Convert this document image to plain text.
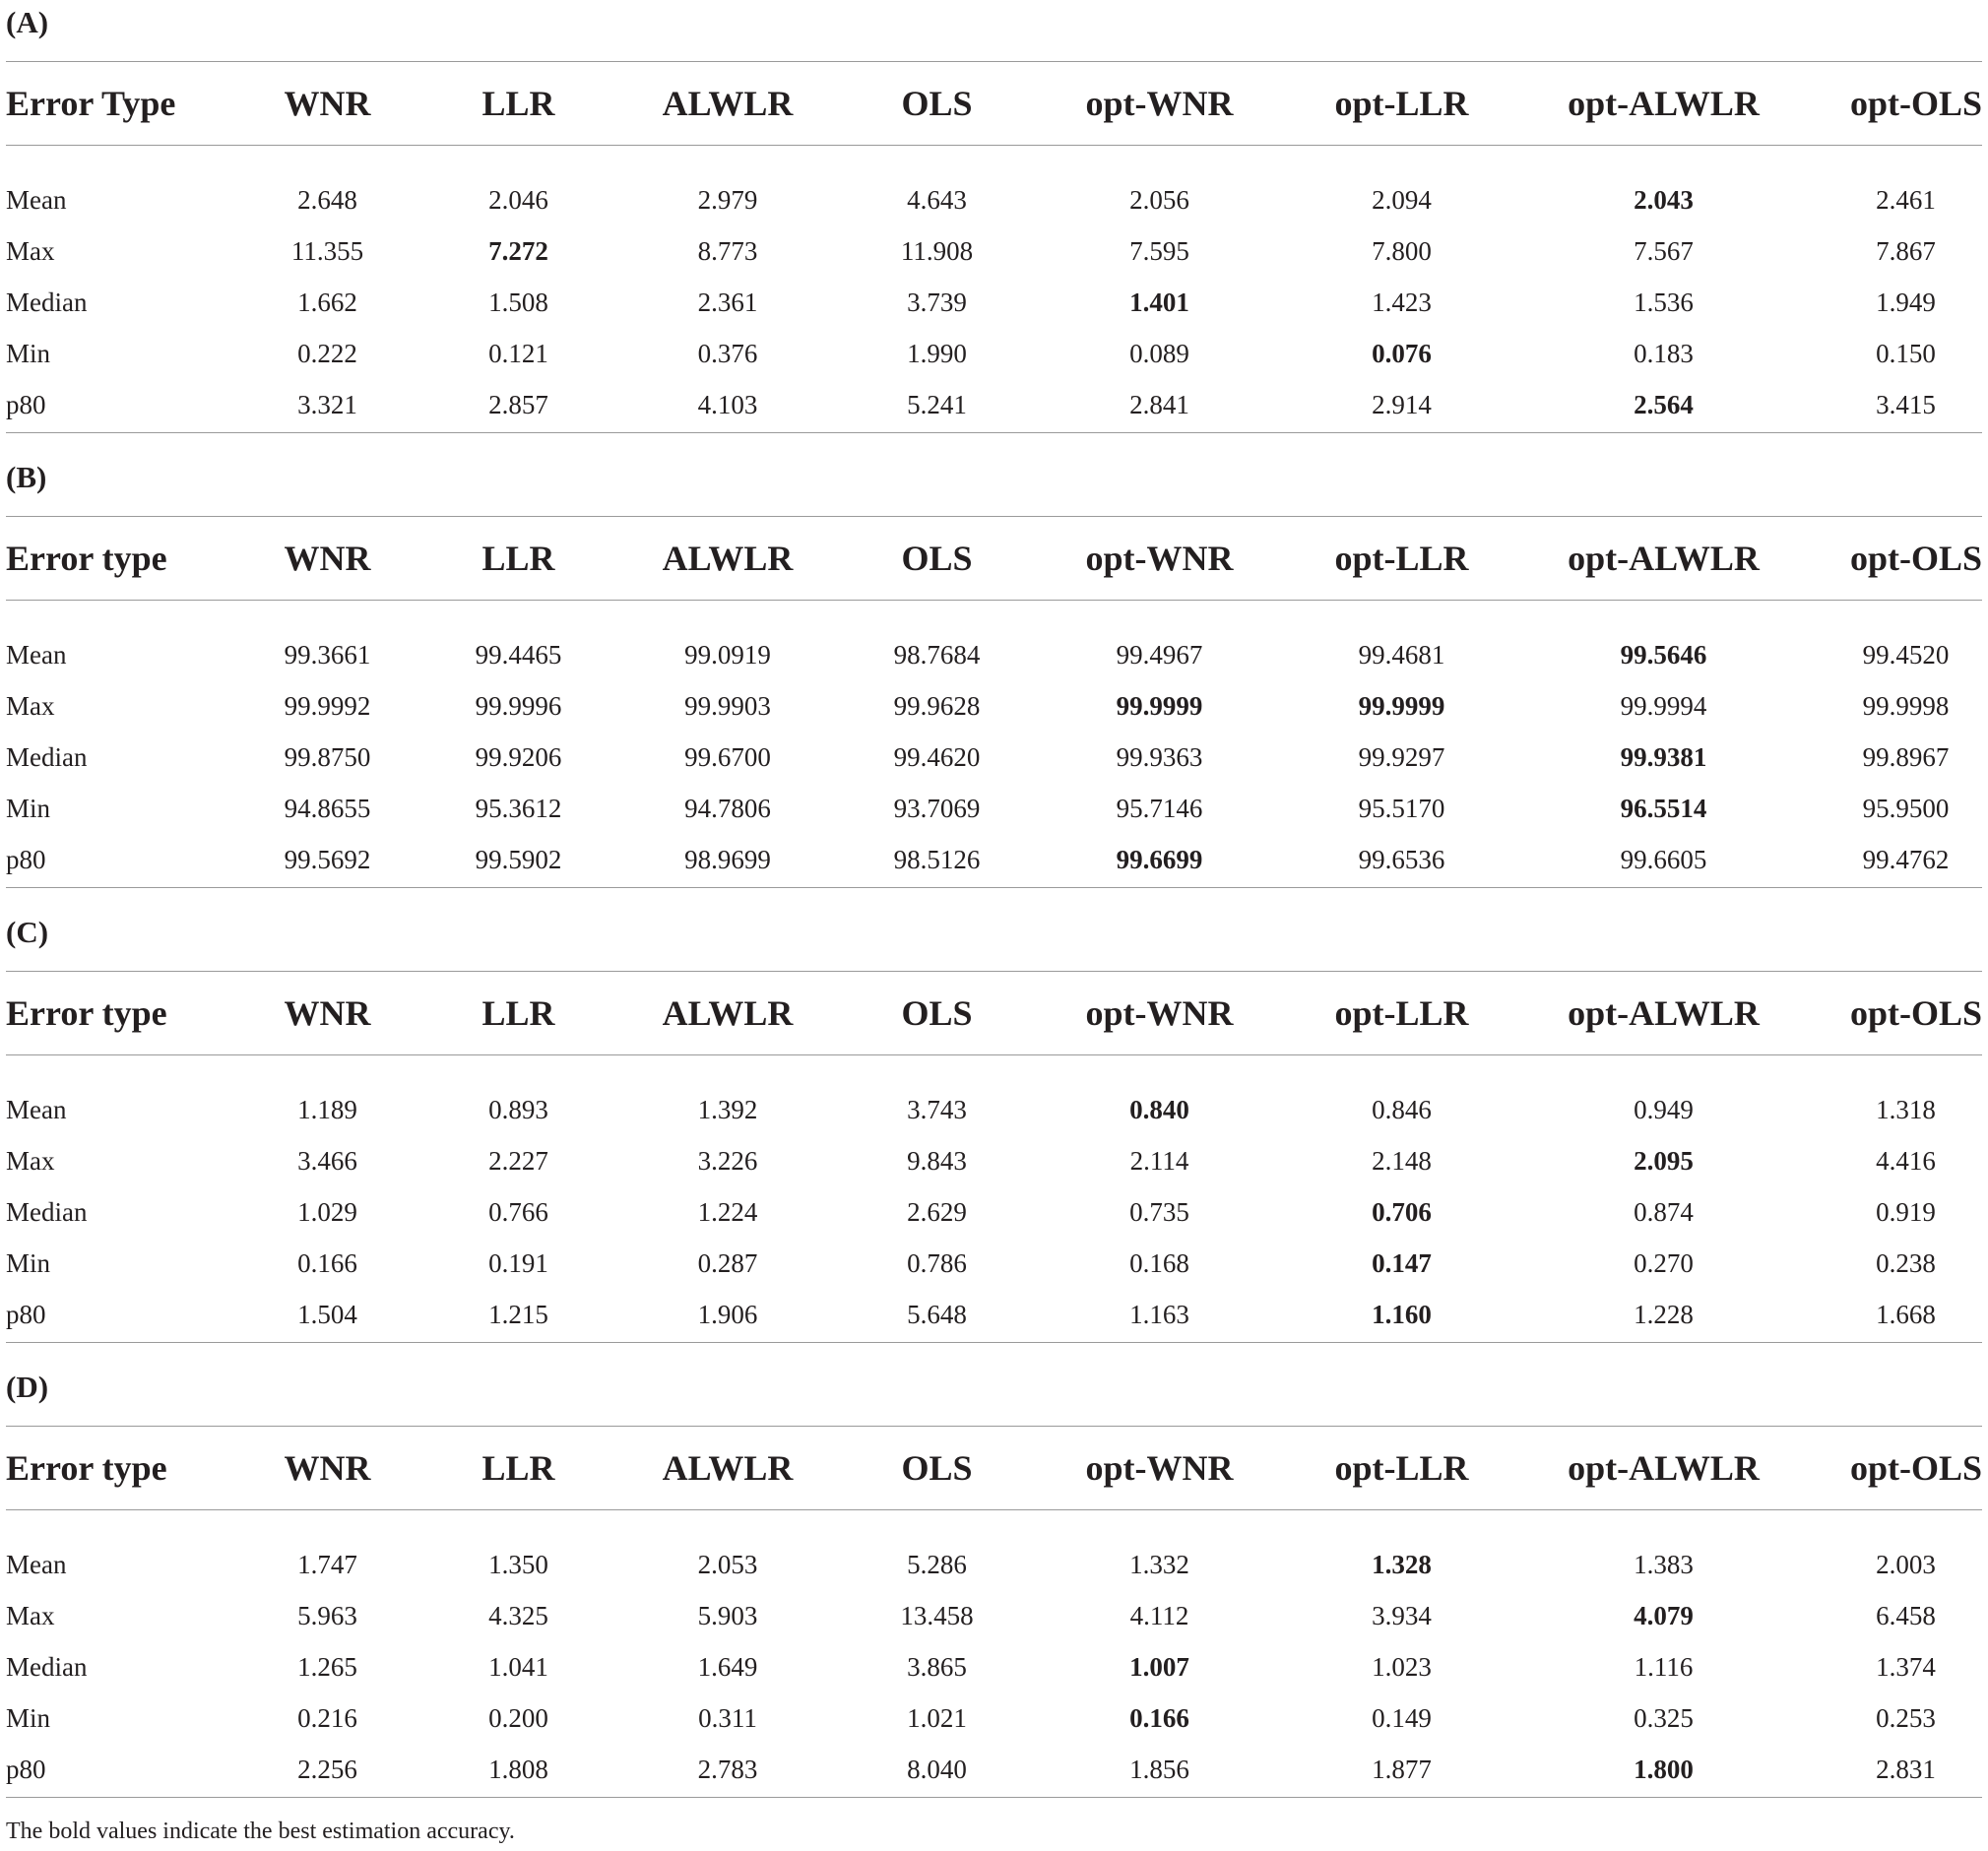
(A)
Error Type	WNR	LLR	ALWLR	OLS	opt-WNR	opt-LLR	opt-ALWLR	opt-OLS

Mean	2.648	2.046	2.979	4.643	2.056	2.094	2.043	2.461
Max	11.355	7.272	8.773	11.908	7.595	7.800	7.567	7.867
Median	1.662	1.508	2.361	3.739	1.401	1.423	1.536	1.949
Min	0.222	0.121	0.376	1.990	0.089	0.076	0.183	0.150
p80	3.321	2.857	4.103	5.241	2.841	2.914	2.564	3.415
(B)
Error type	WNR	LLR	ALWLR	OLS	opt-WNR	opt-LLR	opt-ALWLR	opt-OLS

Mean	99.3661	99.4465	99.0919	98.7684	99.4967	99.4681	99.5646	99.4520
Max	99.9992	99.9996	99.9903	99.9628	99.9999	99.9999	99.9994	99.9998
Median	99.8750	99.9206	99.6700	99.4620	99.9363	99.9297	99.9381	99.8967
Min	94.8655	95.3612	94.7806	93.7069	95.7146	95.5170	96.5514	95.9500
p80	99.5692	99.5902	98.9699	98.5126	99.6699	99.6536	99.6605	99.4762
(C)
Error type	WNR	LLR	ALWLR	OLS	opt-WNR	opt-LLR	opt-ALWLR	opt-OLS

Mean	1.189	0.893	1.392	3.743	0.840	0.846	0.949	1.318
Max	3.466	2.227	3.226	9.843	2.114	2.148	2.095	4.416
Median	1.029	0.766	1.224	2.629	0.735	0.706	0.874	0.919
Min	0.166	0.191	0.287	0.786	0.168	0.147	0.270	0.238
p80	1.504	1.215	1.906	5.648	1.163	1.160	1.228	1.668
(D)
Error type	WNR	LLR	ALWLR	OLS	opt-WNR	opt-LLR	opt-ALWLR	opt-OLS

Mean	1.747	1.350	2.053	5.286	1.332	1.328	1.383	2.003
Max	5.963	4.325	5.903	13.458	4.112	3.934	4.079	6.458
Median	1.265	1.041	1.649	3.865	1.007	1.023	1.116	1.374
Min	0.216	0.200	0.311	1.021	0.166	0.149	0.325	0.253
p80	2.256	1.808	2.783	8.040	1.856	1.877	1.800	2.831
The bold values indicate the best estimation accuracy.
